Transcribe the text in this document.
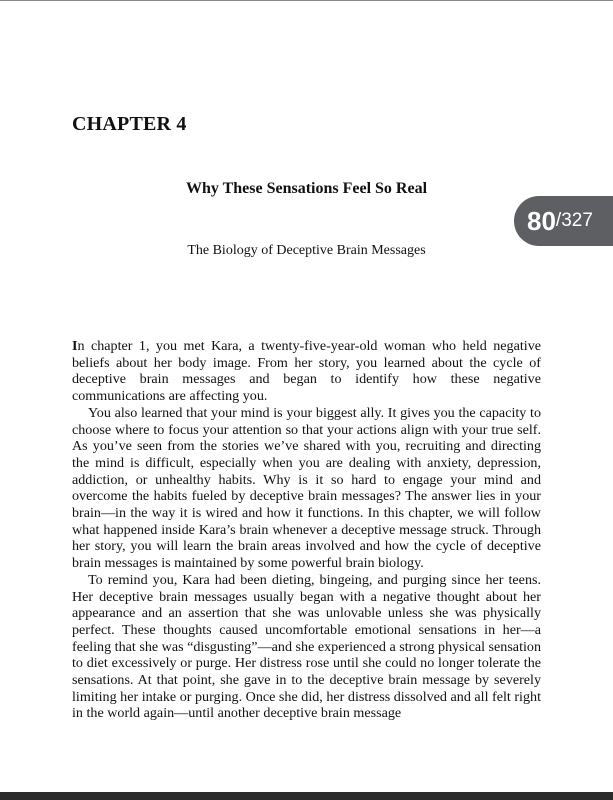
CHAPTER 4
Why These Sensations Feel So Real
80 / 327
The Biology of Deceptive Brain Messages

In chapter 1, you met Kara, a twenty-five-year-old woman who held negative beliefs about her body image. From her story, you learned about the cycle of deceptive brain messages and began to identify how these negative communications are affecting you.

You also learned that your mind is your biggest ally. It gives you the capacity to choose where to focus your attention so that your actions align with your true self. As you’ve seen from the stories we’ve shared with you, recruiting and directing the mind is difficult, especially when you are dealing with anxiety, depression, addiction, or unhealthy habits. Why is it so hard to engage your mind and overcome the habits fueled by deceptive brain messages? The answer lies in your brain—in the way it is wired and how it functions. In this chapter, we will follow what happened inside Kara’s brain whenever a deceptive message struck. Through her story, you will learn the brain areas involved and how the cycle of deceptive brain messages is maintained by some powerful brain biology.

To remind you, Kara had been dieting, bingeing, and purging since her teens. Her deceptive brain messages usually began with a negative thought about her appearance and an assertion that she was unlovable unless she was physically perfect. These thoughts caused uncomfortable emotional sensations in her—a feeling that she was “disgusting”—and she experienced a strong physical sensation to diet excessively or purge. Her distress rose until she could no longer tolerate the sensations. At that point, she gave in to the deceptive brain message by severely limiting her intake or purging. Once she did, her distress dissolved and all felt right in the world again—until another deceptive brain message
